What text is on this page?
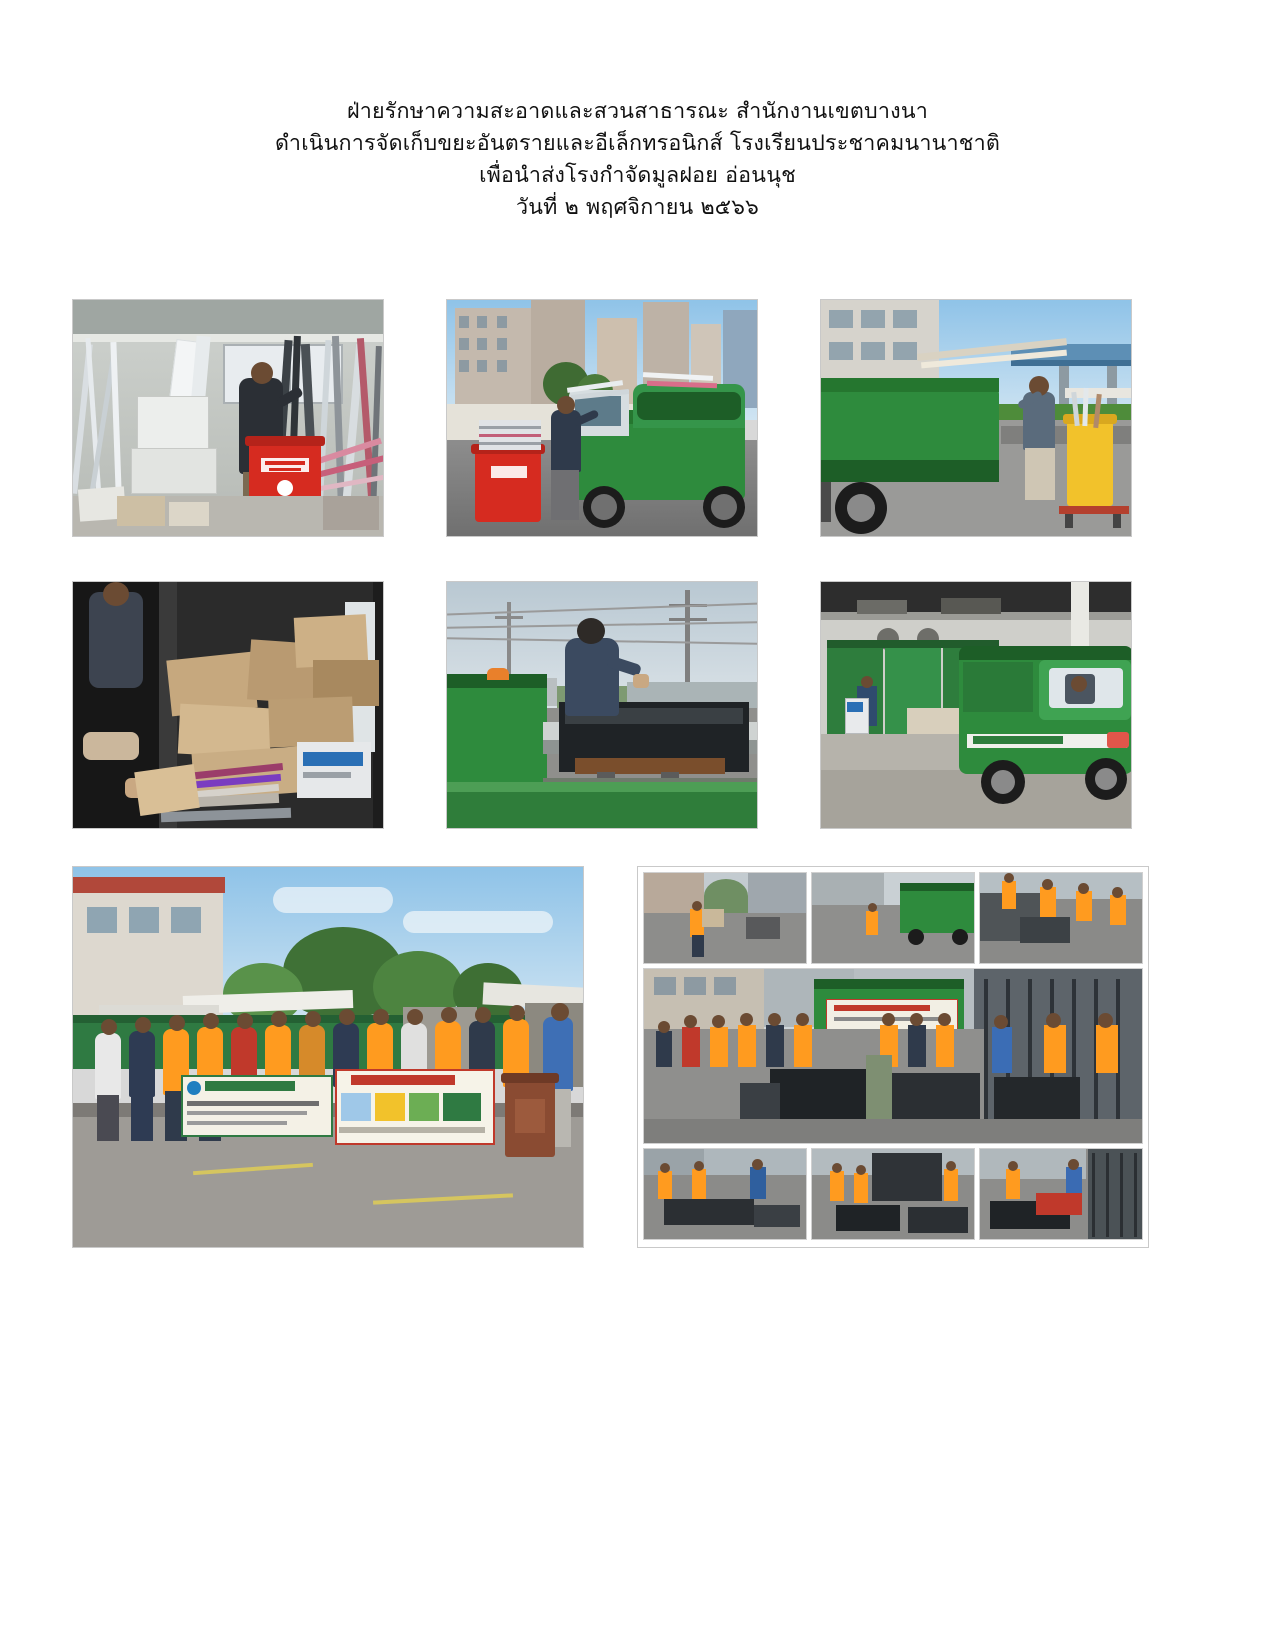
ฝ่ายรักษาความสะอาดและสวนสาธารณะ สำนักงานเขตบางนา
ดำเนินการจัดเก็บขยะอันตรายและอีเล็กทรอนิกส์ โรงเรียนประชาคมนานาชาติ
เพื่อนำส่งโรงกำจัดมูลฝอย อ่อนนุช
วันที่ ๒ พฤศจิกายน ๒๕๖๖
